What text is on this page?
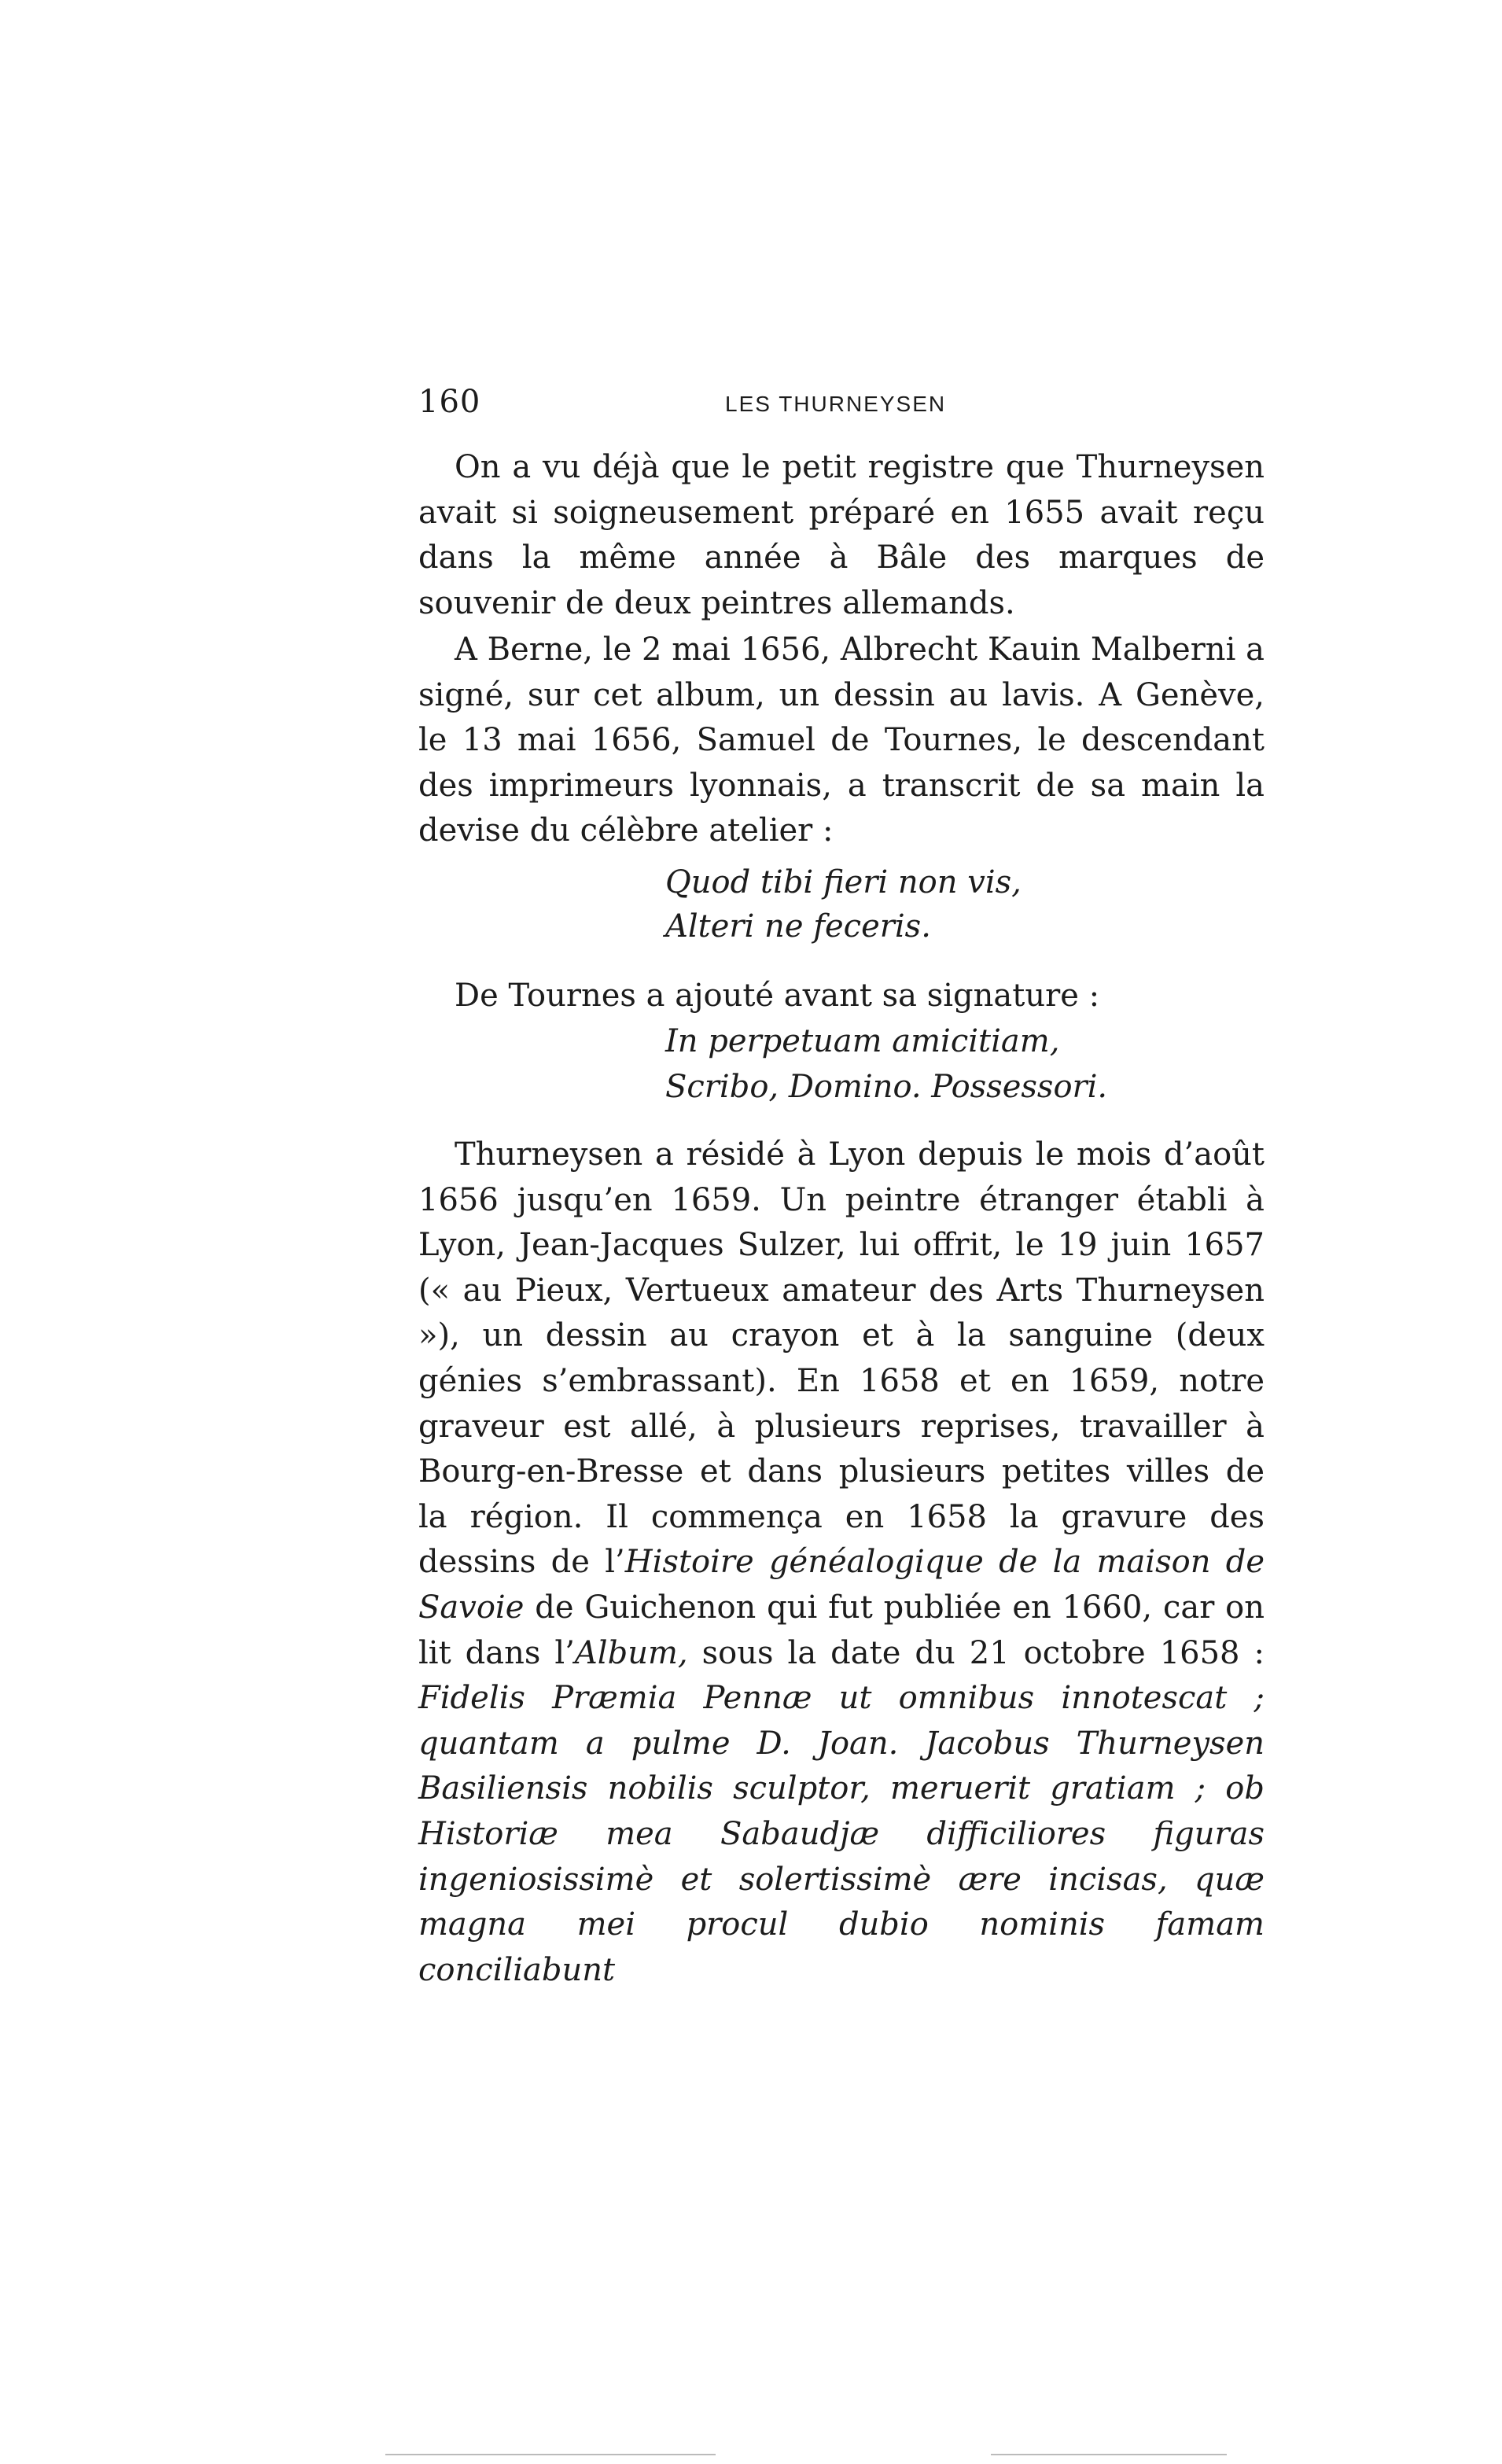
160	LES THURNEYSEN

On a vu déjà que le petit registre que Thurneysen avait si soigneusement préparé en 1655 avait reçu dans la même année à Bâle des marques de souvenir de deux peintres allemands.

A Berne, le 2 mai 1656, Albrecht Kauin Malberni a signé, sur cet album, un dessin au lavis. A Genève, le 13 mai 1656, Samuel de Tournes, le descendant des imprimeurs lyonnais, a transcrit de sa main la devise du célèbre atelier :

Quod tibi fieri non vis,
Alteri ne feceris.

De Tournes a ajouté avant sa signature :

In perpetuam amicitiam,
Scribo, Domino. Possessori.

Thurneysen a résidé à Lyon depuis le mois d’août 1656 jusqu’en 1659. Un peintre étranger établi à Lyon, Jean-Jacques Sulzer, lui offrit, le 19 juin 1657 (« au Pieux, Vertueux amateur des Arts Thurneysen »), un dessin au crayon et à la sanguine (deux génies s’embrassant). En 1658 et en 1659, notre graveur est allé, à plusieurs reprises, travailler à Bourg-en-Bresse et dans plusieurs petites villes de la région. Il commença en 1658 la gravure des dessins de l’Histoire généalogique de la maison de Savoie de Guichenon qui fut publiée en 1660, car on lit dans l’Album, sous la date du 21 octobre 1658 : Fidelis Præmia Pennæ ut omnibus innotescat ; quantam a pulme D. Joan. Jacobus Thurneysen Basiliensis nobilis sculptor, meruerit gratiam ; ob Historiæ mea Sabaudjæ difficiliores figuras ingeniosissimè et solertissimè ære incisas, quæ magna mei procul dubio nominis famam conciliabunt
